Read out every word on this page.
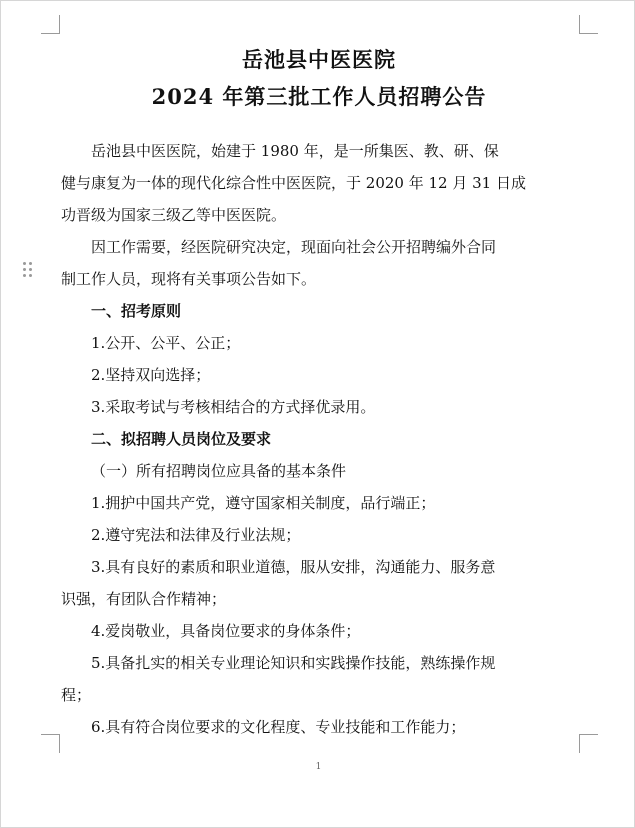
岳池县中医医院
2024 年第三批工作人员招聘公告
岳池县中医医院，始建于 1980 年，是一所集医、教、研、保
健与康复为一体的现代化综合性中医医院，于 2020 年 12 月 31 日成
功晋级为国家三级乙等中医医院。
因工作需要，经医院研究决定，现面向社会公开招聘编外合同
制工作人员，现将有关事项公告如下。
一、招考原则
1.公开、公平、公正；
2.坚持双向选择；
3.采取考试与考核相结合的方式择优录用。
二、拟招聘人员岗位及要求
（一）所有招聘岗位应具备的基本条件
1.拥护中国共产党，遵守国家相关制度，品行端正；
2.遵守宪法和法律及行业法规；
3.具有良好的素质和职业道德，服从安排，沟通能力、服务意
识强，有团队合作精神；
4.爱岗敬业，具备岗位要求的身体条件；
5.具备扎实的相关专业理论知识和实践操作技能，熟练操作规
程；
6.具有符合岗位要求的文化程度、专业技能和工作能力；
1
